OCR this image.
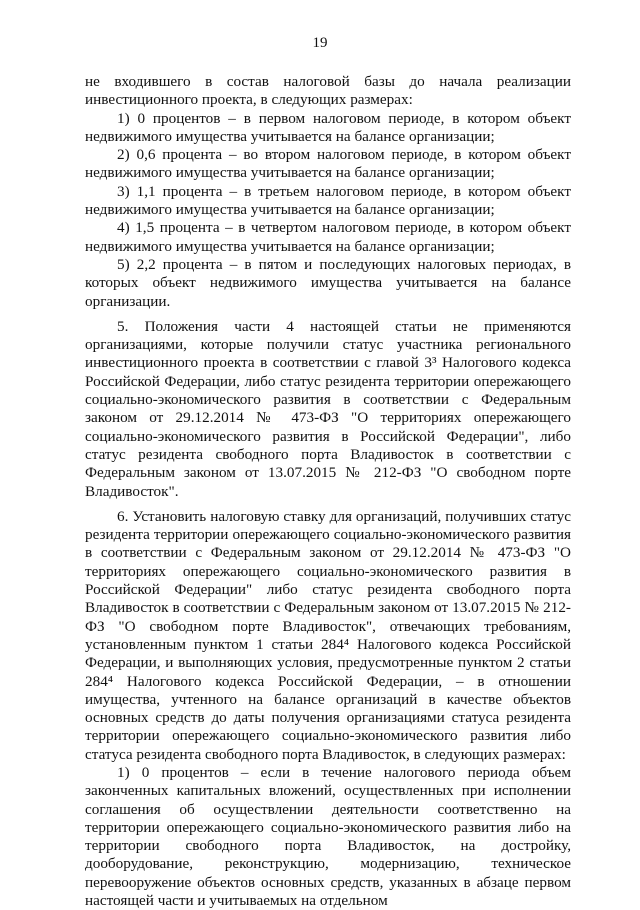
19

не входившего в состав налоговой базы до начала реализации инвестиционного проекта, в следующих размерах:

1) 0 процентов – в первом налоговом периоде, в котором объект недвижимого имущества учитывается на балансе организации;

2) 0,6 процента – во втором налоговом периоде, в котором объект недвижимого имущества учитывается на балансе организации;

3) 1,1 процента – в третьем налоговом периоде, в котором объект недвижимого имущества учитывается на балансе организации;

4) 1,5 процента – в четвертом налоговом периоде, в котором объект недвижимого имущества учитывается на балансе организации;

5) 2,2 процента – в пятом и последующих налоговых периодах, в которых объект недвижимого имущества учитывается на балансе организации.

5. Положения части 4 настоящей статьи не применяются организациями, которые получили статус участника регионального инвестиционного проекта в соответствии с главой 3³ Налогового кодекса Российской Федерации, либо статус резидента территории опережающего социально-экономического развития в соответствии с Федеральным законом от 29.12.2014 № 473-ФЗ "О территориях опережающего социально-экономического развития в Российской Федерации", либо статус резидента свободного порта Владивосток в соответствии с Федеральным законом от 13.07.2015 № 212-ФЗ "О свободном порте Владивосток".

6. Установить налоговую ставку для организаций, получивших статус резидента территории опережающего социально-экономического развития в соответствии с Федеральным законом от 29.12.2014 № 473-ФЗ "О территориях опережающего социально-экономического развития в Российской Федерации" либо статус резидента свободного порта Владивосток в соответствии с Федеральным законом от 13.07.2015 № 212-ФЗ "О свободном порте Владивосток", отвечающих требованиям, установленным пунктом 1 статьи 284⁴ Налогового кодекса Российской Федерации, и выполняющих условия, предусмотренные пунктом 2 статьи 284⁴ Налогового кодекса Российской Федерации, – в отношении имущества, учтенного на балансе организаций в качестве объектов основных средств до даты получения организациями статуса резидента территории опережающего социально-экономического развития либо статуса резидента свободного порта Владивосток, в следующих размерах:

1) 0 процентов – если в течение налогового периода объем законченных капитальных вложений, осуществленных при исполнении соглашения об осуществлении деятельности соответственно на территории опережающего социально-экономического развития либо на территории свободного порта Владивосток, на достройку, дооборудование, реконструкцию, модернизацию, техническое перевооружение объектов основных средств, указанных в абзаце первом настоящей части и учитываемых на отдельном
